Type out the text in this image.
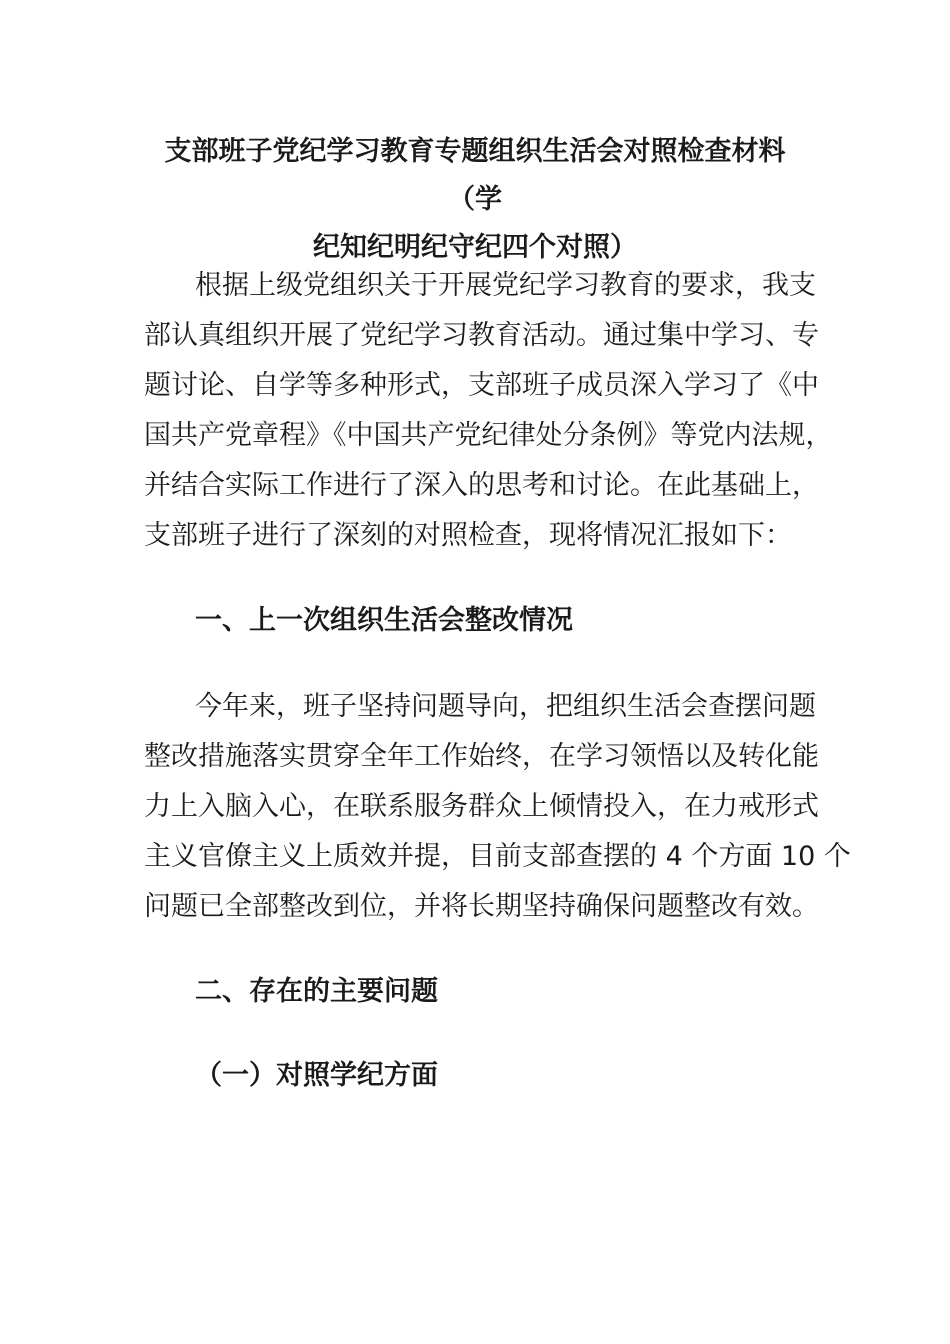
支部班子党纪学习教育专题组织生活会对照检查材料（学
纪知纪明纪守纪四个对照）
根据上级党组织关于开展党纪学习教育的要求，我支
部认真组织开展了党纪学习教育活动。通过集中学习、专
题讨论、自学等多种形式，支部班子成员深入学习了《中
国共产党章程》《中国共产党纪律处分条例》等党内法规，
并结合实际工作进行了深入的思考和讨论。在此基础上，
支部班子进行了深刻的对照检查，现将情况汇报如下：
一、上一次组织生活会整改情况
今年来，班子坚持问题导向，把组织生活会查摆问题
整改措施落实贯穿全年工作始终，在学习领悟以及转化能
力上入脑入心，在联系服务群众上倾情投入，在力戒形式
主义官僚主义上质效并提，目前支部查摆的 4 个方面 10 个
问题已全部整改到位，并将长期坚持确保问题整改有效。
二、存在的主要问题
（一）对照学纪方面
